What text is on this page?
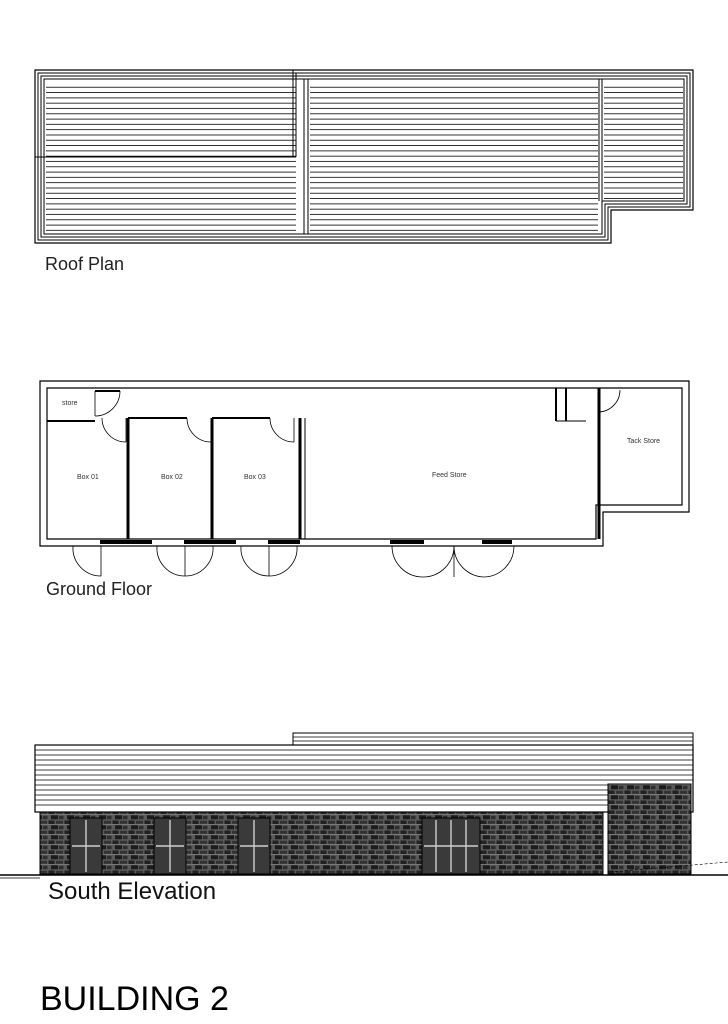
Roof Plan
store
Box 01	Box 02	Box 03	Feed Store
Tack Store
Ground Floor
South Elevation
BUILDING 2
